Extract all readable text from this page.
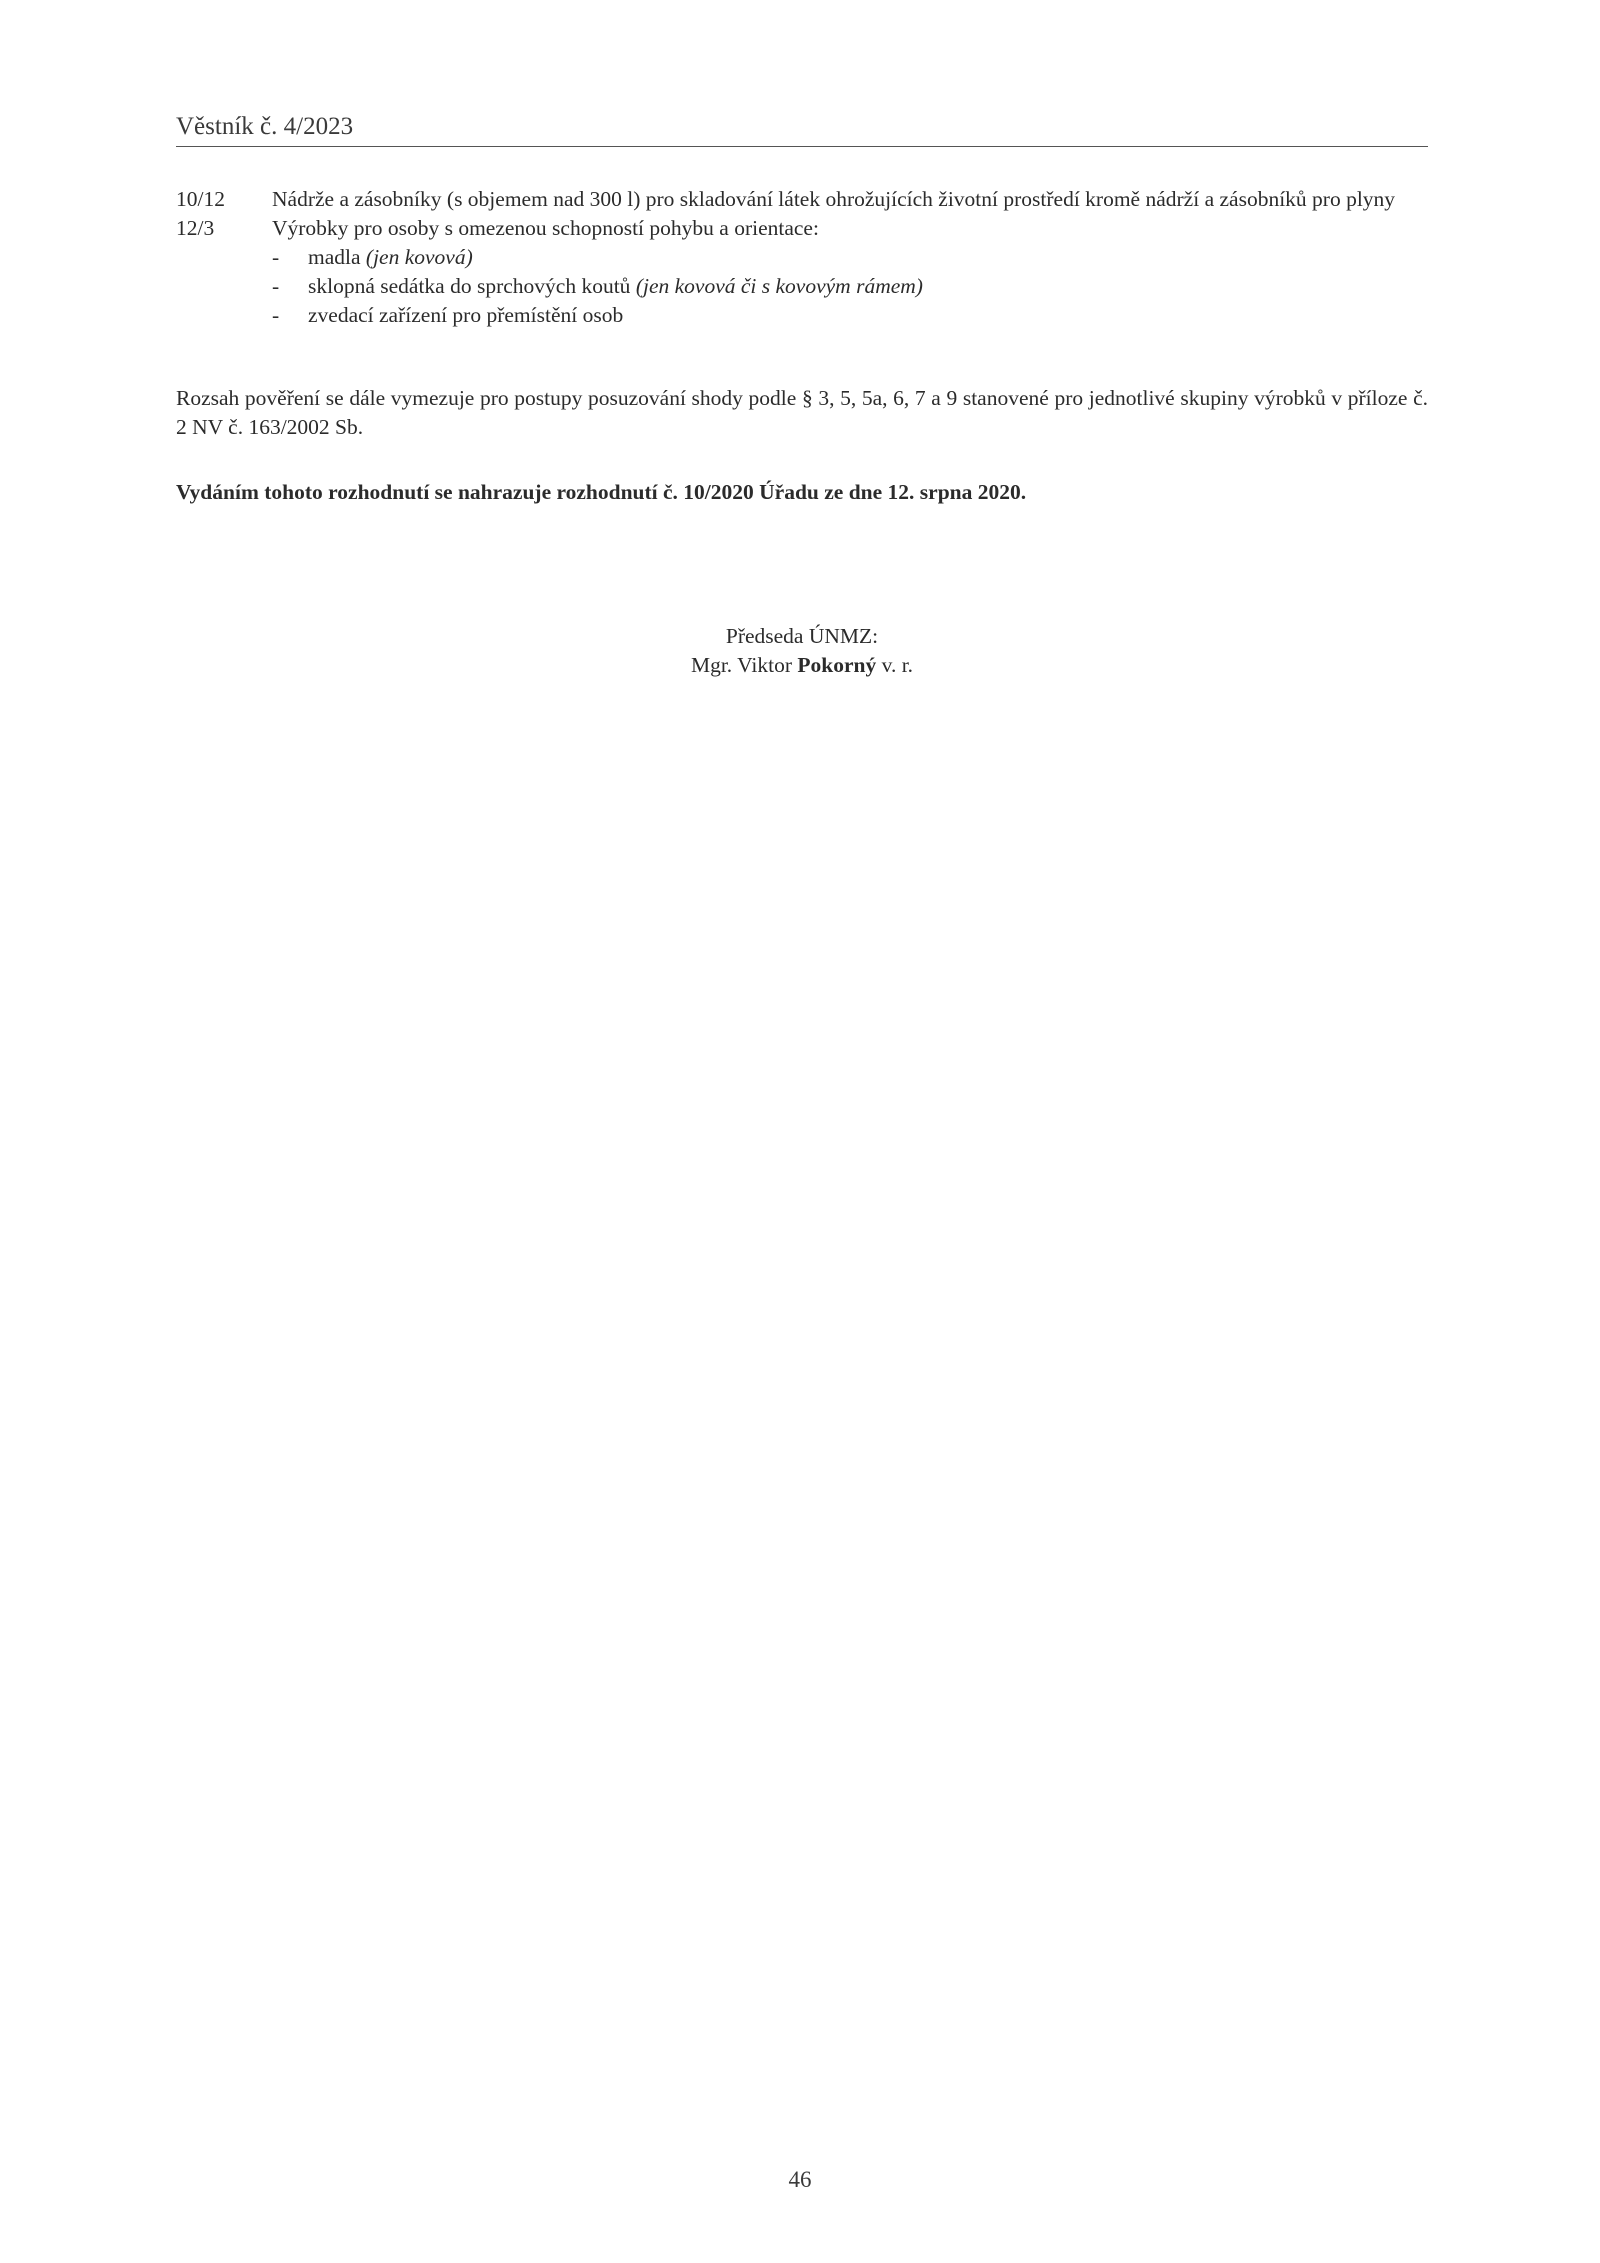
Věstník č. 4/2023
10/12	Nádrže a zásobníky (s objemem nad 300 l) pro skladování látek ohrožujících životní prostředí kromě nádrží a zásobníků pro plyny
12/3	Výrobky pro osoby s omezenou schopností pohybu a orientace:
-	madla (jen kovová)
-	sklopná sedátka do sprchových koutů (jen kovová či s kovovým rámem)
-	zvedací zařízení pro přemístění osob
Rozsah pověření se dále vymezuje pro postupy posuzování shody podle § 3, 5, 5a, 6, 7 a 9 stanovené pro jednotlivé skupiny výrobků v příloze č. 2 NV č. 163/2002 Sb.
Vydáním tohoto rozhodnutí se nahrazuje rozhodnutí č. 10/2020 Úřadu ze dne 12. srpna 2020.
Předseda ÚNMZ:
Mgr. Viktor Pokorný v. r.
46
